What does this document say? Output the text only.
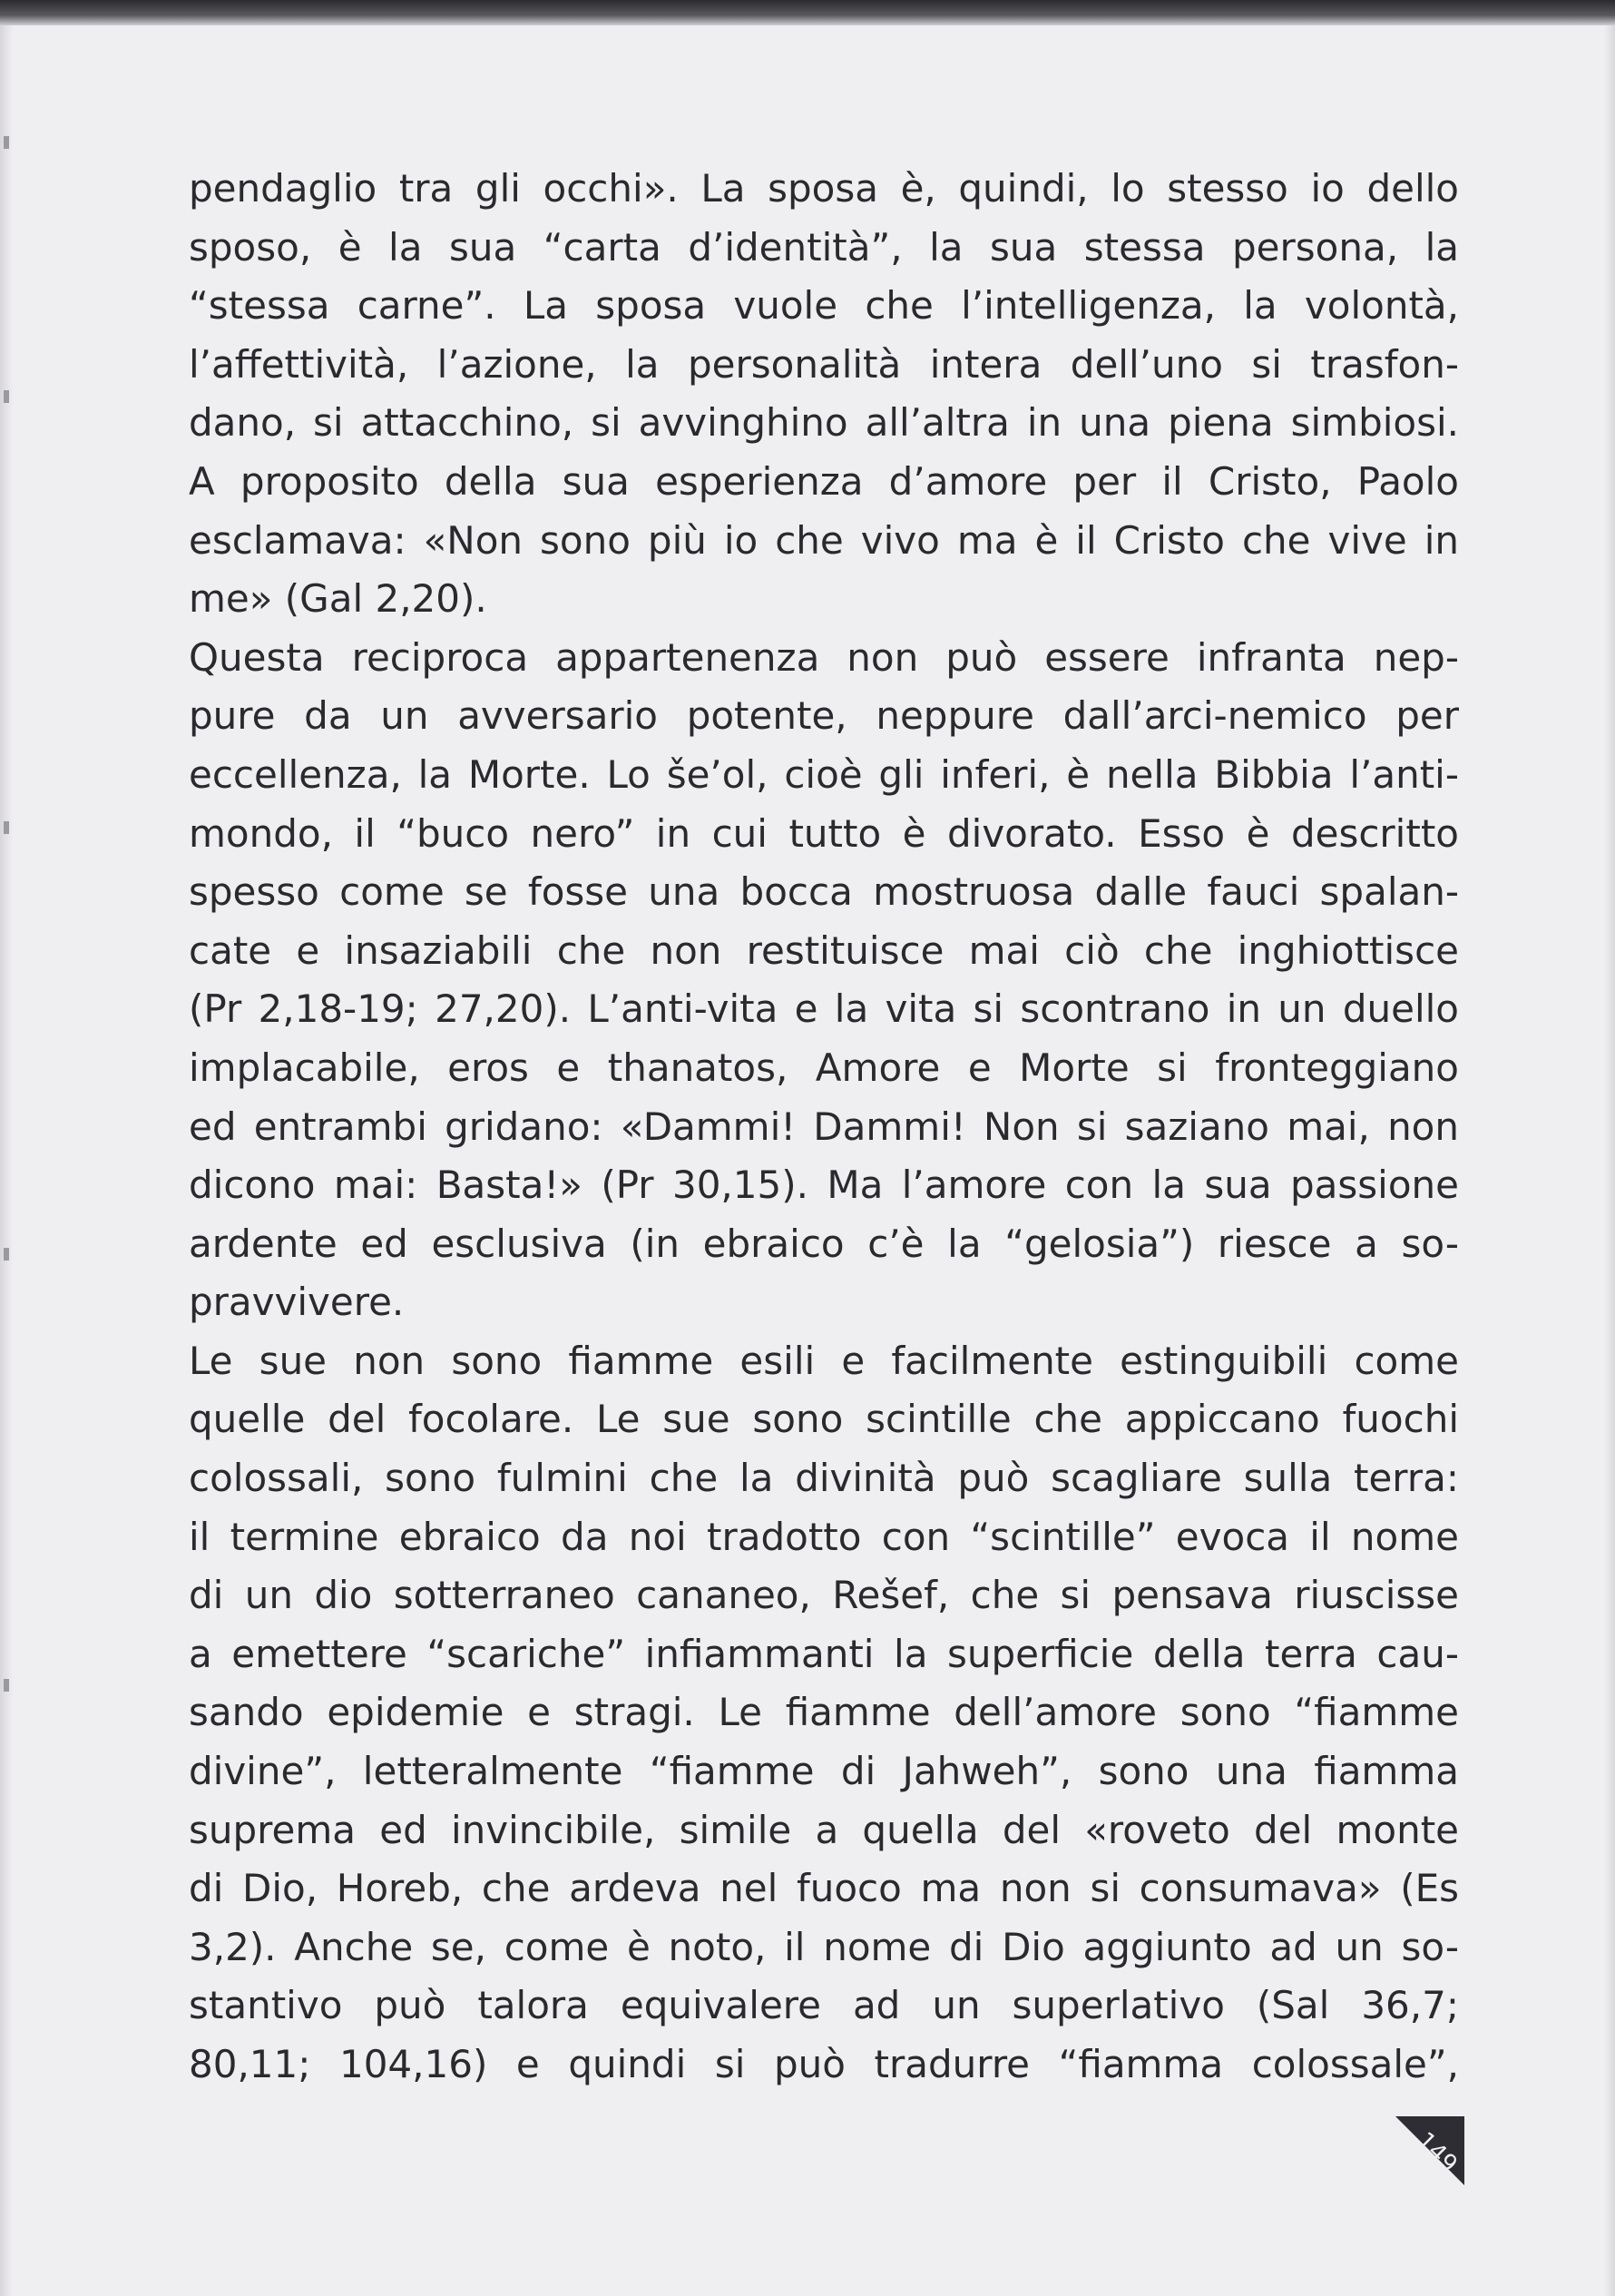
pendaglio tra gli occhi». La sposa è, quindi, lo stesso io dello
sposo, è la sua “carta d’identità”, la sua stessa persona, la
“stessa carne”. La sposa vuole che l’intelligenza, la volontà,
l’affettività, l’azione, la personalità intera dell’uno si trasfon-
dano, si attacchino, si avvinghino all’altra in una piena simbiosi.
A proposito della sua esperienza d’amore per il Cristo, Paolo
esclamava: «Non sono più io che vivo ma è il Cristo che vive in
me» (Gal 2,20).
Questa reciproca appartenenza non può essere infranta nep-
pure da un avversario potente, neppure dall’arci-nemico per
eccellenza, la Morte. Lo še’ol, cioè gli inferi, è nella Bibbia l’anti-
mondo, il “buco nero” in cui tutto è divorato. Esso è descritto
spesso come se fosse una bocca mostruosa dalle fauci spalan-
cate e insaziabili che non restituisce mai ciò che inghiottisce
(Pr 2,18-19; 27,20). L’anti-vita e la vita si scontrano in un duello
implacabile, eros e thanatos, Amore e Morte si fronteggiano
ed entrambi gridano: «Dammi! Dammi! Non si saziano mai, non
dicono mai: Basta!» (Pr 30,15). Ma l’amore con la sua passione
ardente ed esclusiva (in ebraico c’è la “gelosia”) riesce a so-
pravvivere.
Le sue non sono fiamme esili e facilmente estinguibili come
quelle del focolare. Le sue sono scintille che appiccano fuochi
colossali, sono fulmini che la divinità può scagliare sulla terra:
il termine ebraico da noi tradotto con “scintille” evoca il nome
di un dio sotterraneo cananeo, Rešef, che si pensava riuscisse
a emettere “scariche” infiammanti la superficie della terra cau-
sando epidemie e stragi. Le fiamme dell’amore sono “fiamme
divine”, letteralmente “fiamme di Jahweh”, sono una fiamma
suprema ed invincibile, simile a quella del «roveto del monte
di Dio, Horeb, che ardeva nel fuoco ma non si consumava» (Es
3,2). Anche se, come è noto, il nome di Dio aggiunto ad un so-
stantivo può talora equivalere ad un superlativo (Sal 36,7;
80,11; 104,16) e quindi si può tradurre “fiamma colossale”,
149
